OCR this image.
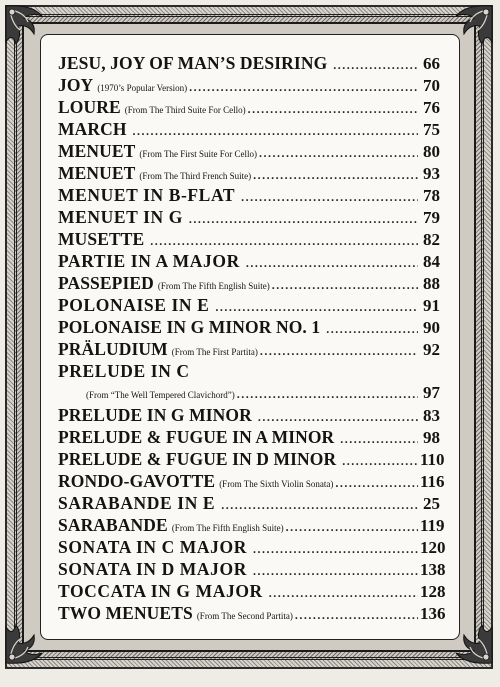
JESU, JOY OF MAN’S DESIRING .....	66
JOY (1970’s Popular Version) .....	70
LOURE (From The Third Suite For Cello) .....	76
MARCH .....	75
MENUET (From The First Suite For Cello) .....	80
MENUET (From The Third French Suite) .....	93
MENUET IN B-FLAT .....	78
MENUET IN G .....	79
MUSETTE .....	82
PARTIE IN A MAJOR .....	84
PASSEPIED (From The Fifth English Suite) .....	88
POLONAISE IN E .....	91
POLONAISE IN G MINOR NO. 1 .....	90
PRÄLUDIUM (From The First Partita) .....	92
PRELUDE IN C
(From “The Well Tempered Clavichord”) .....	97
PRELUDE IN G MINOR .....	83
PRELUDE & FUGUE IN A MINOR .....	98
PRELUDE & FUGUE IN D MINOR .....	110
RONDO-GAVOTTE (From The Sixth Violin Sonata) .....	116
SARABANDE IN E .....	25
SARABANDE (From The Fifth English Suite) .....	119
SONATA IN C MAJOR .....	120
SONATA IN D MAJOR .....	138
TOCCATA IN G MAJOR .....	128
TWO MENUETS (From The Second Partita) .....	136
